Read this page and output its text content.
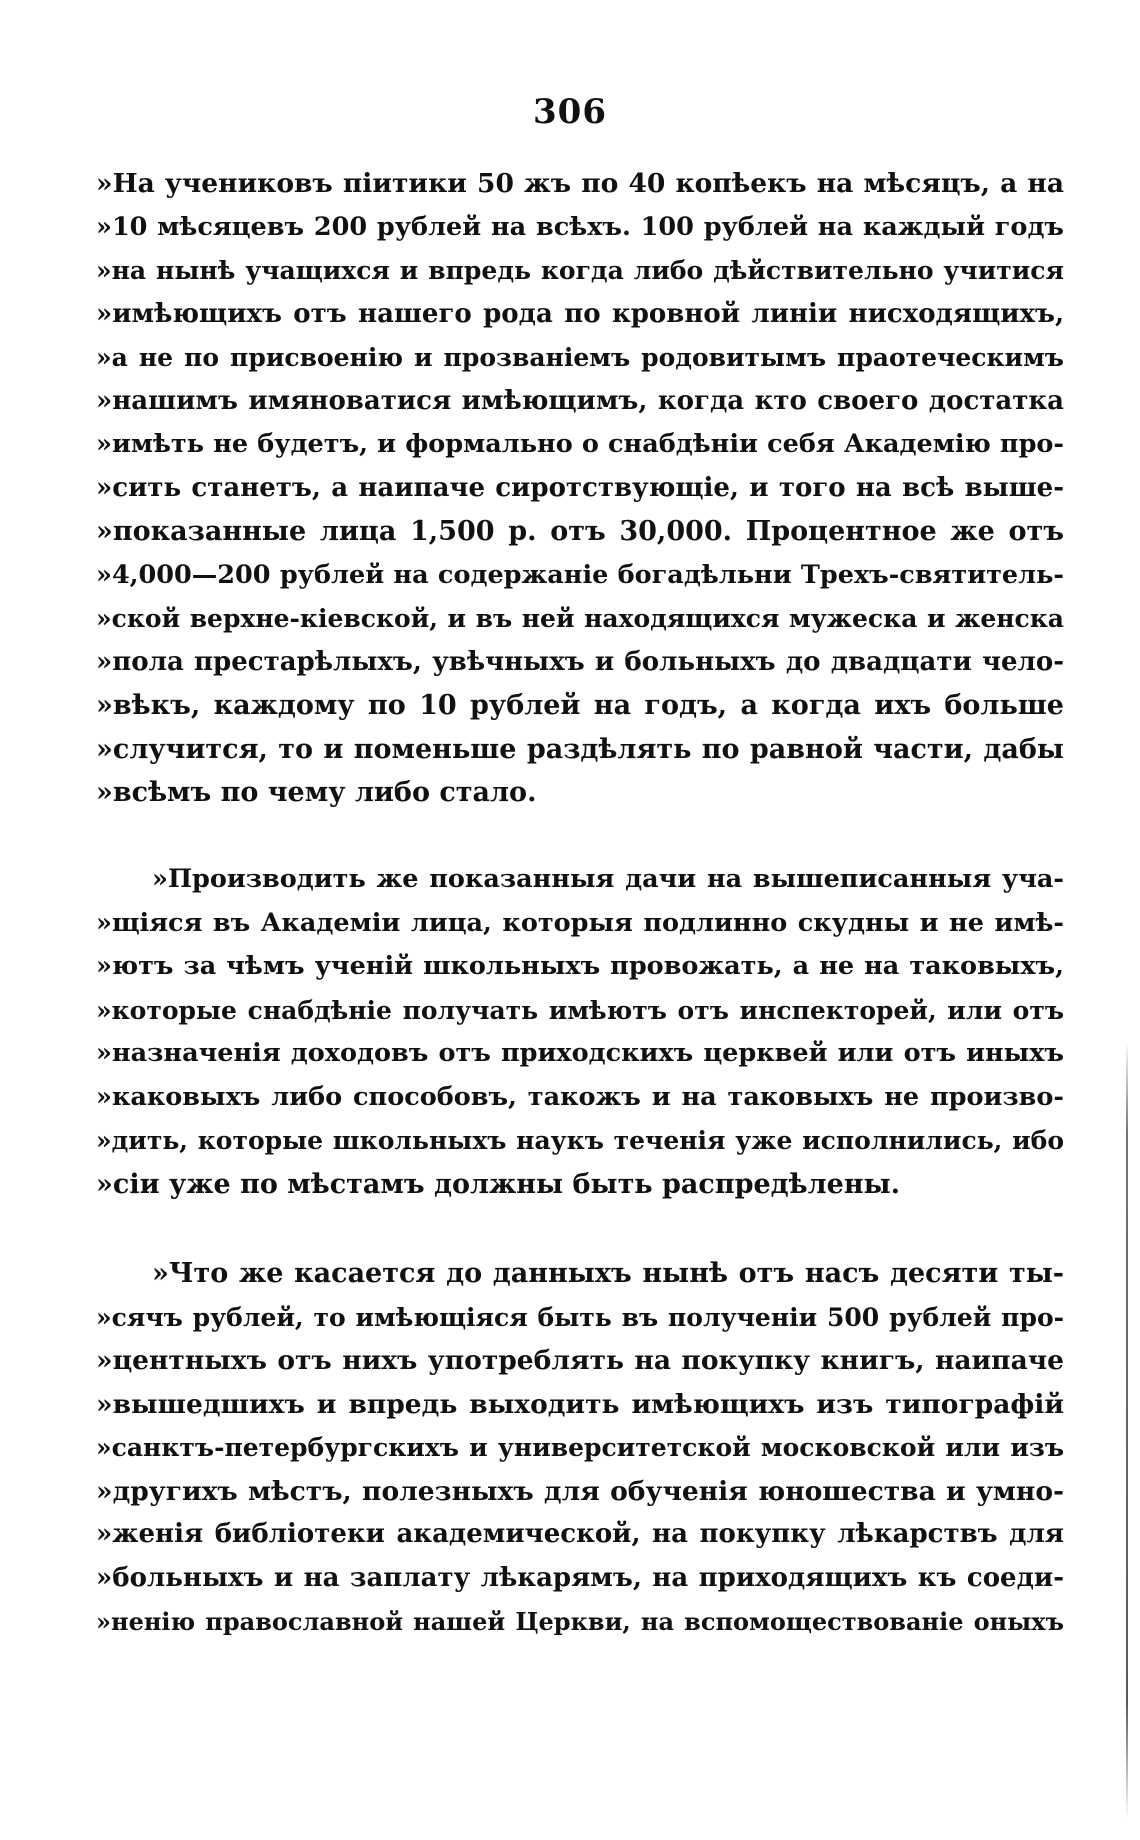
306
»На учениковъ пiитики 50 жъ по 40 копѣекъ на мѣсяцъ, а на
»10 мѣсяцевъ 200 рублей на всѣхъ. 100 рублей на каждый годъ
»на нынѣ учащихся и впредь когда либо дѣйствительно учитися
»имѣющихъ отъ нашего рода по кровной линiи нисходящихъ,
»а не по присвоенiю и прозванiемъ родовитымъ праотеческимъ
»нашимъ имяноватися имѣющимъ, когда кто своего достатка
»имѣть не будетъ, и формально о снабдѣнiи себя Академiю про-
»сить станетъ, а наипаче сиротствующiе, и того на всѣ выше-
»показанные лица 1,500 р. отъ 30,000. Процентное же отъ
»4,000—200 рублей на содержанiе богадѣльни Трехъ-святитель-
»ской верхне-кiевской, и въ ней находящихся мужеска и женска
»пола престарѣлыхъ, увѣчныхъ и больныхъ до двадцати чело-
»вѣкъ, каждому по 10 рублей на годъ, а когда ихъ больше
»случится, то и поменьше раздѣлять по равной части, дабы
»всѣмъ по чему либо стало.
»Производить же показанныя дачи на вышеписанныя уча-
»щiяся въ Академiи лица, которыя подлинно скудны и не имѣ-
»ютъ за чѣмъ ученiй школьныхъ провожать, а не на таковыхъ,
»которые снабдѣнiе получать имѣютъ отъ инспекторей, или отъ
»назначенiя доходовъ отъ приходскихъ церквей или отъ иныхъ
»каковыхъ либо способовъ, такожъ и на таковыхъ не произво-
»дить, которые школьныхъ наукъ теченiя уже исполнились, ибо
»сiи уже по мѣстамъ должны быть распредѣлены.
»Что же касается до данныхъ нынѣ отъ насъ десяти ты-
»сячъ рублей, то имѣющiяся быть въ полученiи 500 рублей про-
»центныхъ отъ нихъ употреблять на покупку книгъ, наипаче
»вышедшихъ и впредь выходить имѣющихъ изъ типографiй
»санктъ-петербургскихъ и университетской московской или изъ
»другихъ мѣстъ, полезныхъ для обученiя юношества и умно-
»женiя библiотеки академической, на покупку лѣкарствъ для
»больныхъ и на заплату лѣкарямъ, на приходящихъ къ соеди-
»ненiю православной нашей Церкви, на вспомоществованiе оныхъ
